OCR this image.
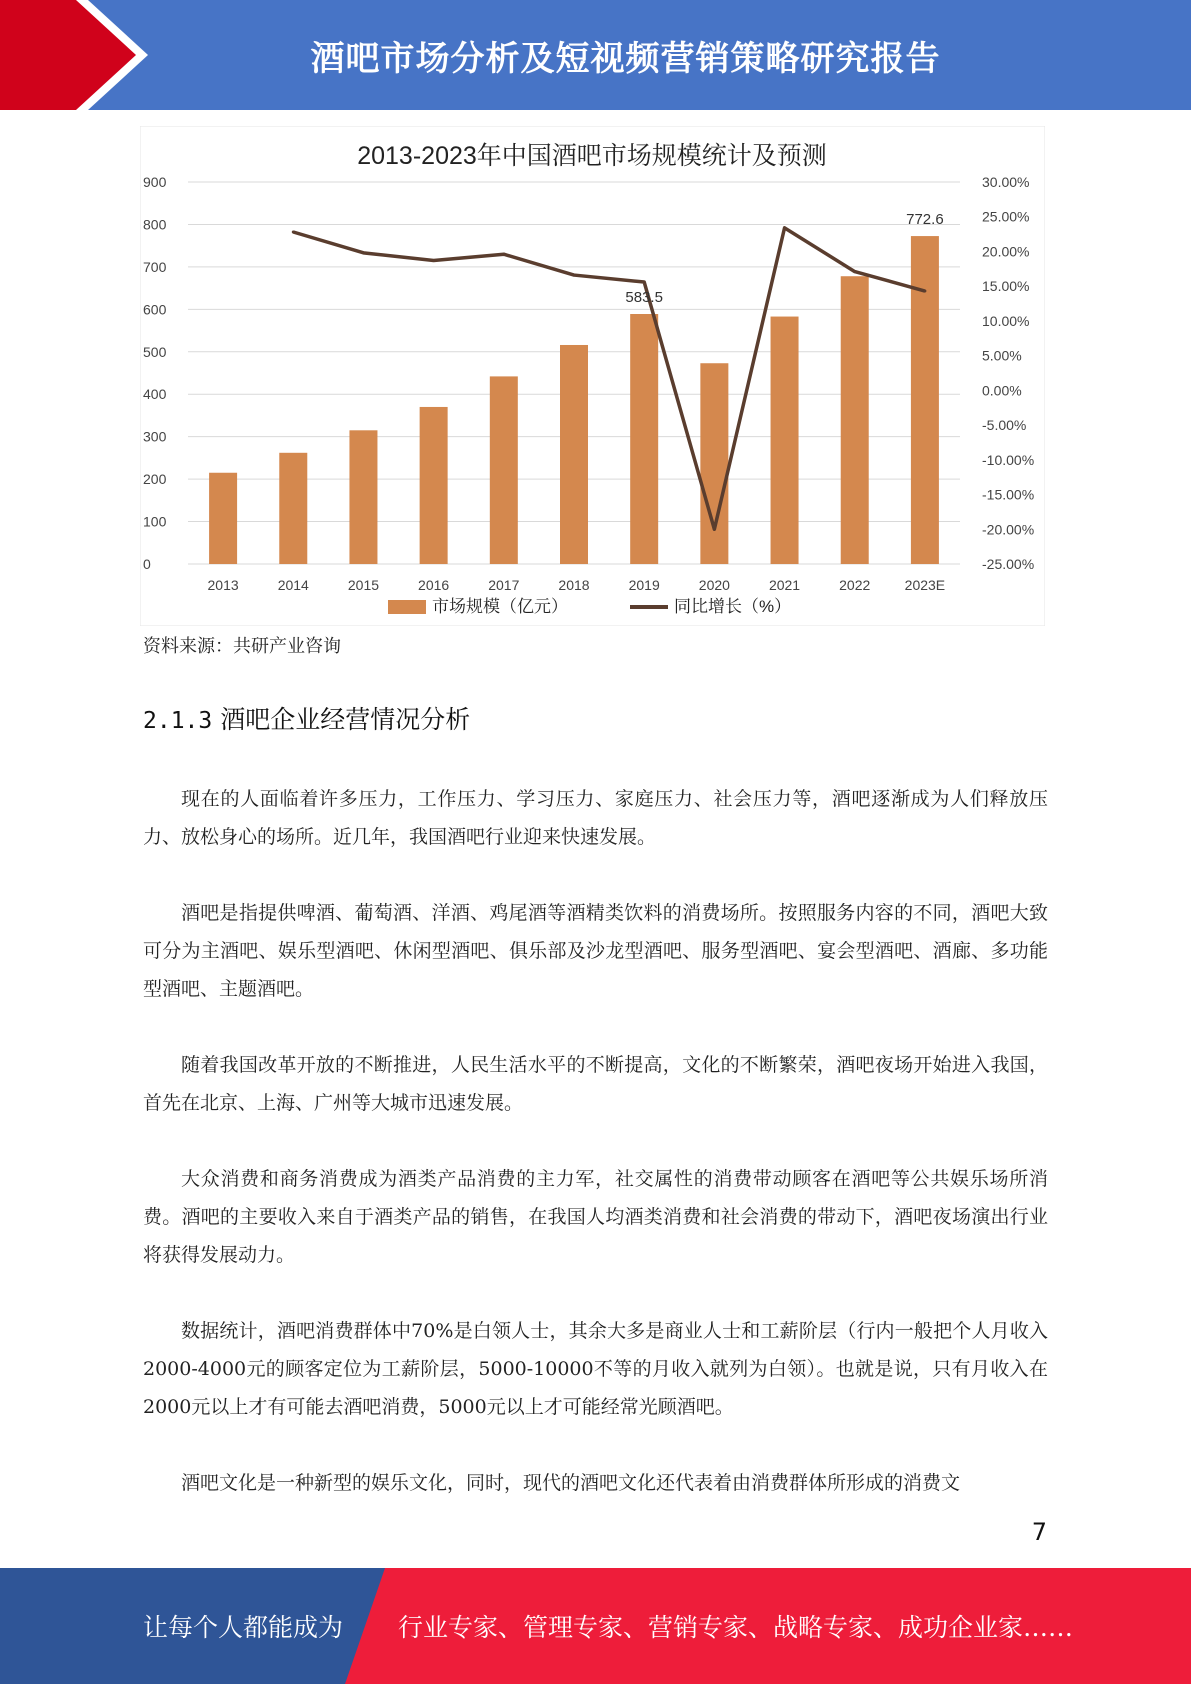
酒吧市场分析及短视频营销策略研究报告
2013-2023年中国酒吧市场规模统计及预测
0
100
200
300
400
500
600
700
800
900
-25.00%
-20.00%
-15.00%
-10.00%
-5.00%
0.00%
5.00%
10.00%
15.00%
20.00%
25.00%
30.00%
2013	2014	2015	2016	2017	2018	2019	2020	2021	2022 2023E
583.5
772.6
市场规模（亿元）	同比增长（%）
资料来源：共研产业咨询
2.1.3 酒吧企业经营情况分析

现在的人面临着许多压力，工作压力、学习压力、家庭压力、社会压力等，酒吧逐渐成为人们释放压力、放松身心的场所。近几年，我国酒吧行业迎来快速发展。

酒吧是指提供啤酒、葡萄酒、洋酒、鸡尾酒等酒精类饮料的消费场所。按照服务内容的不同，酒吧大致可分为主酒吧、娱乐型酒吧、休闲型酒吧、俱乐部及沙龙型酒吧、服务型酒吧、宴会型酒吧、酒廊、多功能型酒吧、主题酒吧。

随着我国改革开放的不断推进，人民生活水平的不断提高，文化的不断繁荣，酒吧夜场开始进入我国，首先在北京、上海、广州等大城市迅速发展。

大众消费和商务消费成为酒类产品消费的主力军，社交属性的消费带动顾客在酒吧等公共娱乐场所消费。酒吧的主要收入来自于酒类产品的销售，在我国人均酒类消费和社会消费的带动下，酒吧夜场演出行业将获得发展动力。

数据统计，酒吧消费群体中70%是白领人士，其余大多是商业人士和工薪阶层（行内一般把个人月收入2000-4000元的顾客定位为工薪阶层，5000-10000不等的月收入就列为白领）。也就是说，只有月收入在2000元以上才有可能去酒吧消费，5000元以上才可能经常光顾酒吧。

酒吧文化是一种新型的娱乐文化，同时，现代的酒吧文化还代表着由消费群体所形成的消费文

7
让每个人都能成为 行业专家、管理专家、营销专家、战略专家、成功企业家……
